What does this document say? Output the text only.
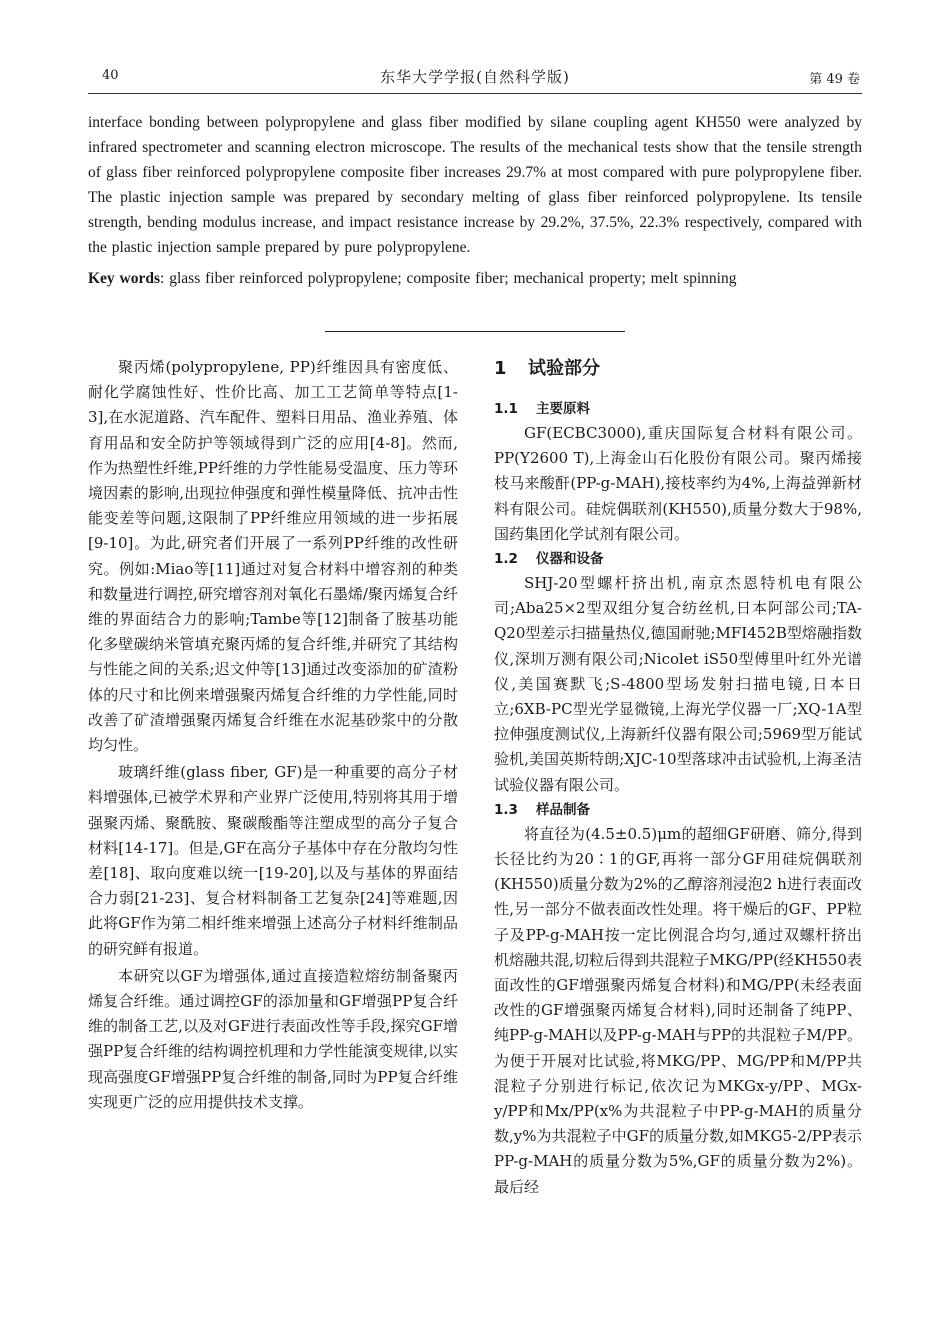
40	东华大学学报(自然科学版)	第 49 卷
interface bonding between polypropylene and glass fiber modified by silane coupling agent KH550 were analyzed by infrared spectrometer and scanning electron microscope. The results of the mechanical tests show that the tensile strength of glass fiber reinforced polypropylene composite fiber increases 29.7% at most compared with pure polypropylene fiber. The plastic injection sample was prepared by secondary melting of glass fiber reinforced polypropylene. Its tensile strength, bending modulus increase, and impact resistance increase by 29.2%, 37.5%, 22.3% respectively, compared with the plastic injection sample prepared by pure polypropylene.
Key words: glass fiber reinforced polypropylene; composite fiber; mechanical property; melt spinning

聚丙烯(polypropylene, PP)纤维因具有密度低、耐化学腐蚀性好、性价比高、加工工艺简单等特点[1-3],在水泥道路、汽车配件、塑料日用品、渔业养殖、体育用品和安全防护等领域得到广泛的应用[4-8]。然而,作为热塑性纤维,PP纤维的力学性能易受温度、压力等环境因素的影响,出现拉伸强度和弹性模量降低、抗冲击性能变差等问题,这限制了PP纤维应用领域的进一步拓展[9-10]。为此,研究者们开展了一系列PP纤维的改性研究。例如:Miao等[11]通过对复合材料中增容剂的种类和数量进行调控,研究增容剂对氧化石墨烯/聚丙烯复合纤维的界面结合力的影响;Tambe等[12]制备了胺基功能化多壁碳纳米管填充聚丙烯的复合纤维,并研究了其结构与性能之间的关系;迟文仲等[13]通过改变添加的矿渣粉体的尺寸和比例来增强聚丙烯复合纤维的力学性能,同时改善了矿渣增强聚丙烯复合纤维在水泥基砂浆中的分散均匀性。

玻璃纤维(glass fiber, GF)是一种重要的高分子材料增强体,已被学术界和产业界广泛使用,特别将其用于增强聚丙烯、聚酰胺、聚碳酸酯等注塑成型的高分子复合材料[14-17]。但是,GF在高分子基体中存在分散均匀性差[18]、取向度难以统一[19-20],以及与基体的界面结合力弱[21-23]、复合材料制备工艺复杂[24]等难题,因此将GF作为第二相纤维来增强上述高分子材料纤维制品的研究鲜有报道。

本研究以GF为增强体,通过直接造粒熔纺制备聚丙烯复合纤维。通过调控GF的添加量和GF增强PP复合纤维的制备工艺,以及对GF进行表面改性等手段,探究GF增强PP复合纤维的结构调控机理和力学性能演变规律,以实现高强度GF增强PP复合纤维的制备,同时为PP复合纤维实现更广泛的应用提供技术支撑。

1 试验部分
1.1 主要原料

GF(ECBC3000),重庆国际复合材料有限公司。PP(Y2600 T),上海金山石化股份有限公司。聚丙烯接枝马来酸酐(PP-g-MAH),接枝率约为4%,上海益弹新材料有限公司。硅烷偶联剂(KH550),质量分数大于98%,国药集团化学试剂有限公司。

1.2 仪器和设备

SHJ-20型螺杆挤出机,南京杰恩特机电有限公司;Aba25×2型双组分复合纺丝机,日本阿部公司;TA-Q20型差示扫描量热仪,德国耐驰;MFI452B型熔融指数仪,深圳万测有限公司;Nicolet iS50型傅里叶红外光谱仪,美国赛默飞;S-4800型场发射扫描电镜,日本日立;6XB-PC型光学显微镜,上海光学仪器一厂;XQ-1A型拉伸强度测试仪,上海新纤仪器有限公司;5969型万能试验机,美国英斯特朗;XJC-10型落球冲击试验机,上海圣洁试验仪器有限公司。

1.3 样品制备

将直径为(4.5±0.5)μm的超细GF研磨、筛分,得到长径比约为20∶1的GF,再将一部分GF用硅烷偶联剂(KH550)质量分数为2%的乙醇溶剂浸泡2 h进行表面改性,另一部分不做表面改性处理。将干燥后的GF、PP粒子及PP-g-MAH按一定比例混合均匀,通过双螺杆挤出机熔融共混,切粒后得到共混粒子MKG/PP(经KH550表面改性的GF增强聚丙烯复合材料)和MG/PP(未经表面改性的GF增强聚丙烯复合材料),同时还制备了纯PP、纯PP-g-MAH以及PP-g-MAH与PP的共混粒子M/PP。为便于开展对比试验,将MKG/PP、MG/PP和M/PP共混粒子分别进行标记,依次记为MKGx-y/PP、MGx-y/PP和Mx/PP(x%为共混粒子中PP-g-MAH的质量分数,y%为共混粒子中GF的质量分数,如MKG5-2/PP表示PP-g-MAH的质量分数为5%,GF的质量分数为2%)。最后经
